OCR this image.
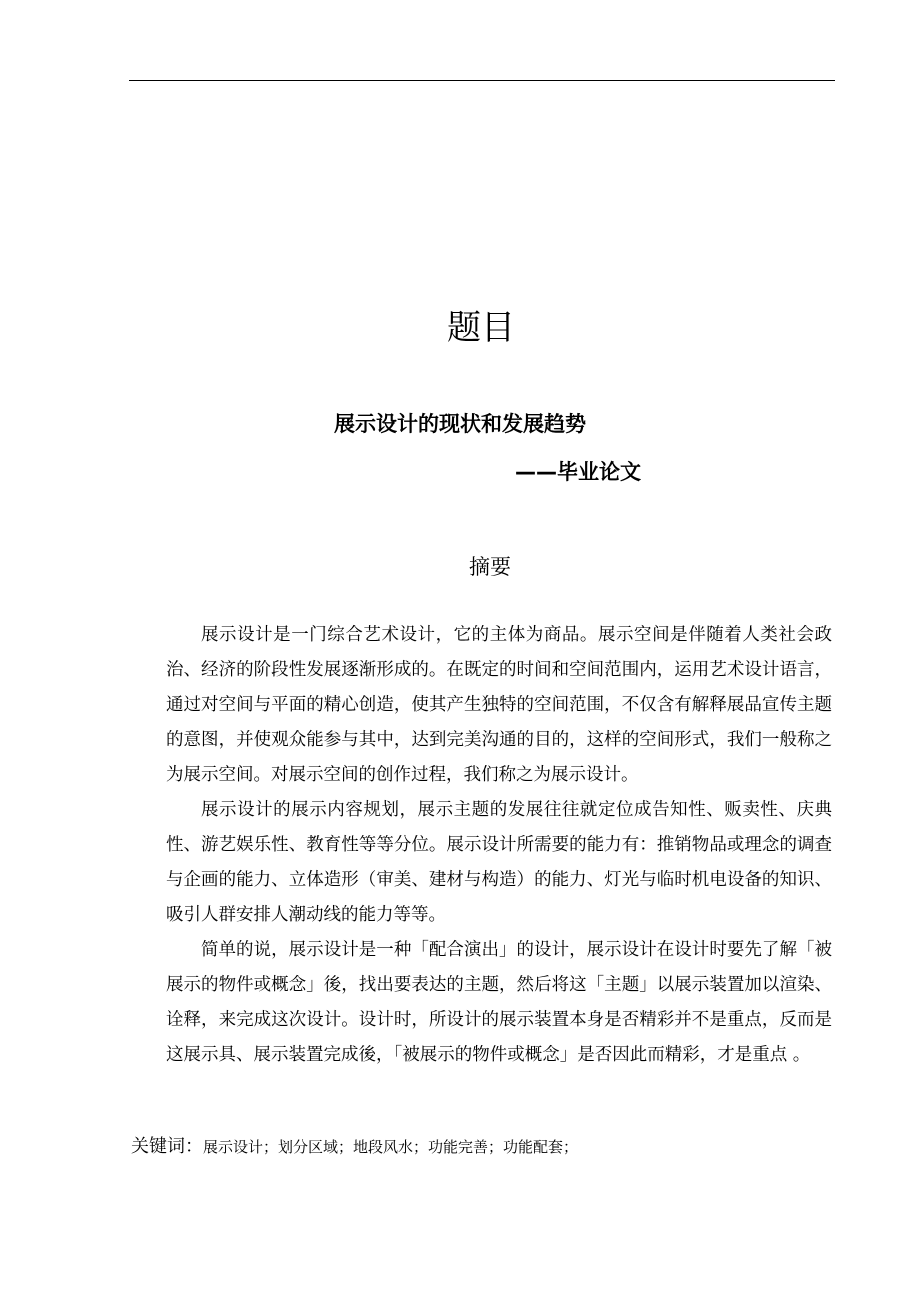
题目
展示设计的现状和发展趋势
——毕业论文
摘要

展示设计是一门综合艺术设计，它的主体为商品。展示空间是伴随着人类社会政治、经济的阶段性发展逐渐形成的。在既定的时间和空间范围内，运用艺术设计语言，通过对空间与平面的精心创造，使其产生独特的空间范围，不仅含有解释展品宣传主题的意图，并使观众能参与其中，达到完美沟通的目的，这样的空间形式，我们一般称之为展示空间。对展示空间的创作过程，我们称之为展示设计。

展示设计的展示内容规划，展示主题的发展往往就定位成告知性、贩卖性、庆典性、游艺娱乐性、教育性等等分位。展示设计所需要的能力有：推销物品或理念的调查与企画的能力、立体造形（审美、建材与构造）的能力、灯光与临时机电设备的知识、吸引人群安排人潮动线的能力等等。

简单的说，展示设计是一种「配合演出」的设计，展示设计在设计时要先了解「被展示的物件或概念」後，找出要表达的主题，然后将这「主题」以展示装置加以渲染、诠释，来完成这次设计。设计时，所设计的展示装置本身是否精彩并不是重点，反而是这展示具、展示装置完成後，「被展示的物件或概念」是否因此而精彩，才是重点 。

关键词：展示设计；划分区域；地段风水；功能完善；功能配套；
